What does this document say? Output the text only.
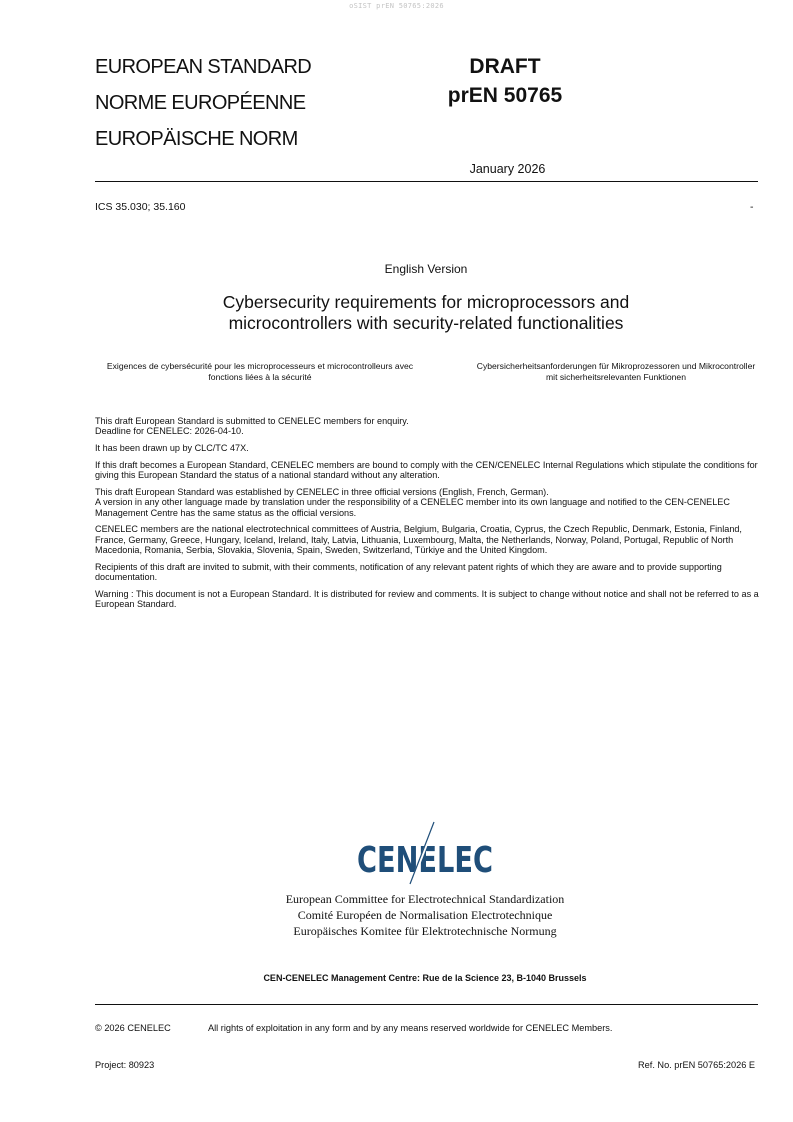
oSIST prEN 50765:2026
EUROPEAN STANDARD
NORME EUROPÉENNE
EUROPÄISCHE NORM
DRAFT
prEN 50765
January 2026
ICS 35.030; 35.160	-
English Version
Cybersecurity requirements for microprocessors and microcontrollers with security-related functionalities
Exigences de cybersécurité pour les microprocesseurs et microcontrolleurs avec fonctions liées à la sécurité
Cybersicherheitsanforderungen für Mikroprozessoren und Mikrocontroller mit sicherheitsrelevanten Funktionen

This draft European Standard is submitted to CENELEC members for enquiry.
Deadline for CENELEC: 2026-04-10.

It has been drawn up by CLC/TC 47X.

If this draft becomes a European Standard, CENELEC members are bound to comply with the CEN/CENELEC Internal Regulations which stipulate the conditions for giving this European Standard the status of a national standard without any alteration.

This draft European Standard was established by CENELEC in three official versions (English, French, German).
A version in any other language made by translation under the responsibility of a CENELEC member into its own language and notified to the CEN-CENELEC Management Centre has the same status as the official versions.

CENELEC members are the national electrotechnical committees of Austria, Belgium, Bulgaria, Croatia, Cyprus, the Czech Republic, Denmark, Estonia, Finland, France, Germany, Greece, Hungary, Iceland, Ireland, Italy, Latvia, Lithuania, Luxembourg, Malta, the Netherlands, Norway, Poland, Portugal, Republic of North Macedonia, Romania, Serbia, Slovakia, Slovenia, Spain, Sweden, Switzerland, Türkiye and the United Kingdom.

Recipients of this draft are invited to submit, with their comments, notification of any relevant patent rights of which they are aware and to provide supporting documentation.

Warning : This document is not a European Standard. It is distributed for review and comments. It is subject to change without notice and shall not be referred to as a European Standard.

CENELEC
European Committee for Electrotechnical Standardization
Comité Européen de Normalisation Electrotechnique
Europäisches Komitee für Elektrotechnische Normung
CEN-CENELEC Management Centre: Rue de la Science 23, B-1040 Brussels
© 2026 CENELEC	All rights of exploitation in any form and by any means reserved worldwide for CENELEC Members.
Project: 80923	Ref. No. prEN 50765:2026 E
